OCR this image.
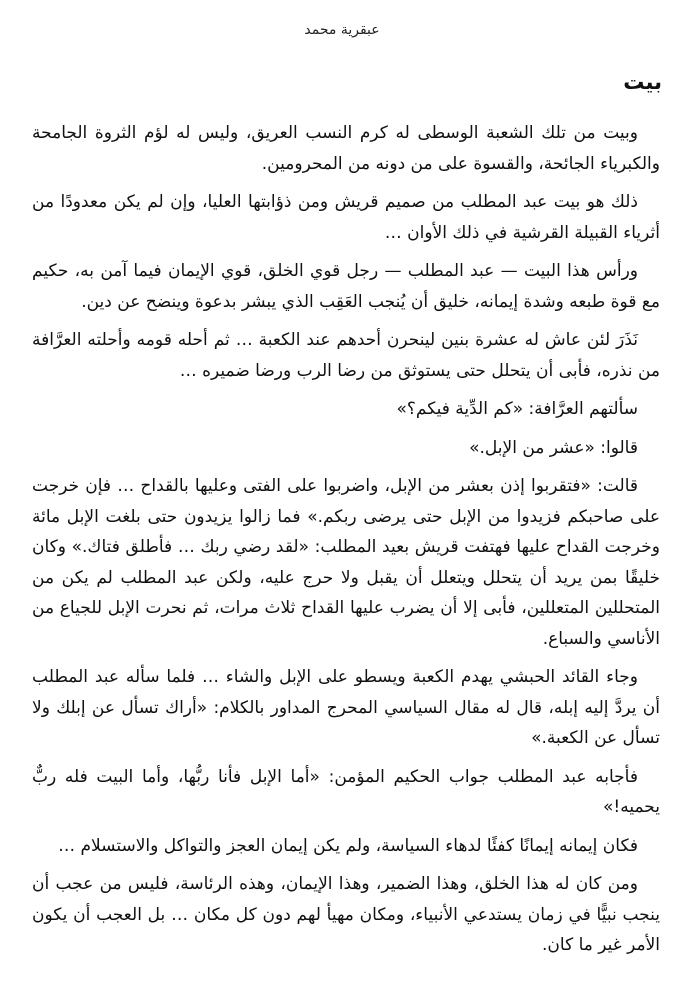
عبقرية محمد
بيت

وبيت من تلك الشعبة الوسطى له كرم النسب العريق، وليس له لؤم الثروة الجامحة والكبرياء الجائحة، والقسوة على من دونه من المحرومين.

ذلك هو بيت عبد المطلب من صميم قريش ومن ذؤابتها العليا، وإن لم يكن معدودًا من أثرياء القبيلة القرشية في ذلك الأوان …

ورأس هذا البيت — عبد المطلب — رجل قوي الخلق، قوي الإيمان فيما آمن به، حكيم مع قوة طبعه وشدة إيمانه، خليق أن يُنجب العَقِب الذي يبشر بدعوة وينضح عن دين.

نَذَرَ لئن عاش له عشرة بنين لينحرن أحدهم عند الكعبة … ثم أحله قومه وأحلته العرَّافة من نذره، فأبى أن يتحلل حتى يستوثق من رضا الرب ورضا ضميره …

سألتهم العرَّافة: «كم الدِّية فيكم؟»

قالوا: «عشر من الإبل.»

قالت: «فتقربوا إذن بعشر من الإبل، واضربوا على الفتى وعليها بالقداح … فإن خرجت على صاحبكم فزيدوا من الإبل حتى يرضى ربكم.» فما زالوا يزيدون حتى بلغت الإبل مائة وخرجت القداح عليها فهتفت قريش بعيد المطلب: «لقد رضي ربك … فأطلق فتاك.» وكان خليقًا بمن يريد أن يتحلل ويتعلل أن يقبل ولا حرج عليه، ولكن عبد المطلب لم يكن من المتحللين المتعللين، فأبى إلا أن يضرب عليها القداح ثلاث مرات، ثم نحرت الإبل للجياع من الأناسي والسباع.

وجاء القائد الحبشي يهدم الكعبة ويسطو على الإبل والشاء … فلما سأله عبد المطلب أن يردَّ إليه إبله، قال له مقال السياسي المحرج المداور بالكلام: «أراك تسأل عن إبلك ولا تسأل عن الكعبة.»

فأجابه عبد المطلب جواب الحكيم المؤمن: «أما الإبل فأنا ربُّها، وأما البيت فله ربٌّ يحميه!»

فكان إيمانه إيمانًا كفئًا لدهاء السياسة، ولم يكن إيمان العجز والتواكل والاستسلام …

ومن كان له هذا الخلق، وهذا الضمير، وهذا الإيمان، وهذه الرئاسة، فليس من عجب أن ينجب نبيًّا في زمان يستدعي الأنبياء، ومكان مهيأ لهم دون كل مكان … بل العجب أن يكون الأمر غير ما كان.
